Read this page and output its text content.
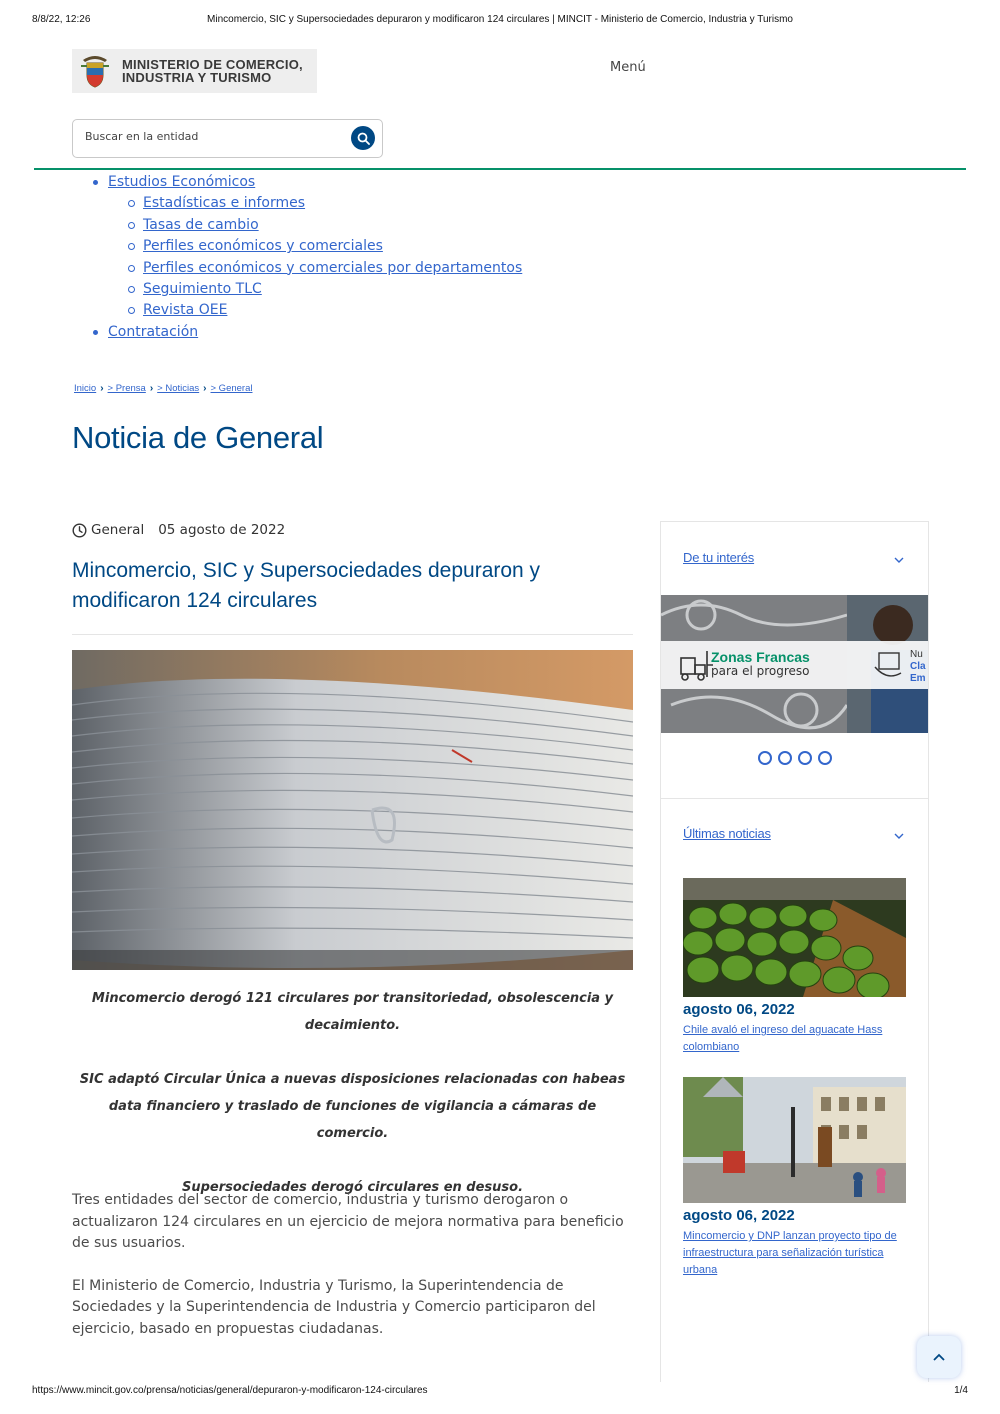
8/8/22, 12:26	Mincomercio, SIC y Supersociedades depuraron y modificaron 124 circulares | MINCIT - Ministerio de Comercio, Industria y Turismo
MINISTERIO DE COMERCIO,
INDUSTRIA Y TURISMO
Menú
Buscar en la entidad
Estudios Económicos
Estadísticas e informes
Tasas de cambio
Perfiles económicos y comerciales
Perfiles económicos y comerciales por departamentos
Seguimiento TLC
Revista OEE
Contratación
Inicio › > Prensa › > Noticias › > General
Noticia de General
General 05 agosto de 2022
Mincomercio, SIC y Supersociedades depuraron y modificaron 124 circulares

Mincomercio derogó 121 circulares por transitoriedad, obsolescencia y decaimiento.

SIC adaptó Circular Única a nuevas disposiciones relacionadas con habeas data financiero y traslado de funciones de vigilancia a cámaras de comercio.

Supersociedades derogó circulares en desuso.

Tres entidades del sector de comercio, industria y turismo derogaron o actualizaron 124 circulares en un ejercicio de mejora normativa para beneficio de sus usuarios.

El Ministerio de Comercio, Industria y Turismo, la Superintendencia de Sociedades y la Superintendencia de Industria y Comercio participaron del ejercicio, basado en propuestas ciudadanas.

De tu interés
Zonas Francas
para el progreso
Nu
Cla
Em
Últimas noticias
agosto 06, 2022
Chile avaló el ingreso del aguacate Hass colombiano
agosto 06, 2022
Mincomercio y DNP lanzan proyecto tipo de infraestructura para señalización turística urbana
https://www.mincit.gov.co/prensa/noticias/general/depuraron-y-modificaron-124-circulares	1/4
